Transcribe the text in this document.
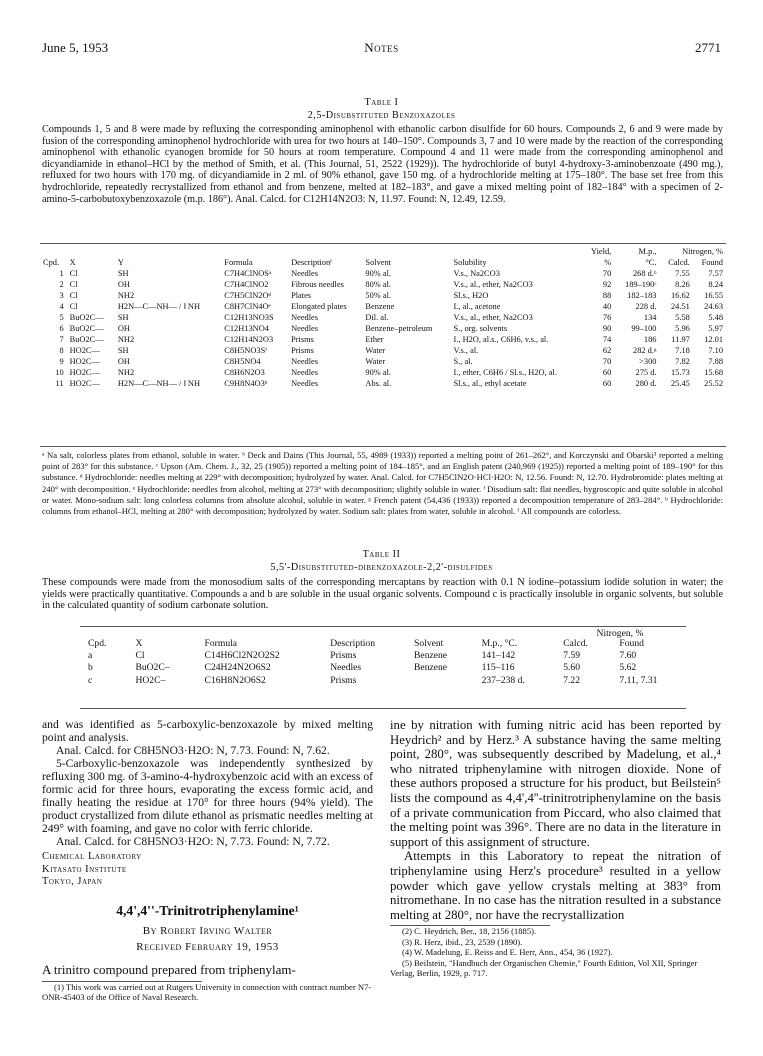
June 5, 1953	Notes	2771
Table I
2,5-Disubstituted Benzoxazoles
Compounds 1, 5 and 8 were made by refluxing the corresponding aminophenol with ethanolic carbon disulfide for 60 hours. Compounds 2, 6 and 9 were made by fusion of the corresponding aminophenol hydrochloride with urea for two hours at 140–150°. Compounds 3, 7 and 10 were made by the reaction of the corresponding aminophenol with ethanolic cyanogen bromide for 50 hours at room temperature. Compound 4 and 11 were made from the corresponding aminophenol and dicyandiamide in ethanol–HCl by the method of Smith, et al. (This Journal, 51, 2522 (1929)). The hydrochloride of butyl 4-hydroxy-3-aminobenzoate (490 mg.), refluxed for two hours with 170 mg. of dicyandiamide in 2 ml. of 90% ethanol, gave 150 mg. of a hydrochloride melting at 175–180°. The base set free from this hydrochloride, repeatedly recrystallized from ethanol and from benzene, melted at 182–183°, and gave a mixed melting point of 182–184° with a specimen of 2-amino-5-carbobutoxybenzoxazole (m.p. 186°). Anal. Calcd. for C12H14N2O3: N, 11.97. Found: N, 12.49, 12.59.
							Yield,	M.p.,	Nitrogen, %	
Cpd.	X	Y	Formula	Descriptionᶠ	Solvent	Solubility	%	°C.	Calcd.	Found
1	Cl	SH	C7H4ClNOSᵃ	Needles	90% al.	V.s., Na2CO3	70	268 d.ᵇ	7.55	7.57
2	Cl	OH	C7H4ClNO2	Fibrous needles	80% al.	V.s., al., ether, Na2CO3	92	189–190ᶜ	8.26	8.24
3	Cl	NH2	C7H5ClN2Oᵈ	Plates	50% al.	Sl.s., H2O	88	182–183	16.62	16.55
4	Cl	H2N—C—NH— / ‖ NH	C8H7ClN4Oᵉ	Elongated plates	Benzene	I., al., acetone	40	228 d.	24.51	24.63
5	BuO2C—	SH	C12H13NO3S	Needles	Dil. al.	V.s., al., ether, Na2CO3	76	134	5.58	5.48
6	BuO2C—	OH	C12H13NO4	Needles	Benzene–petroleum	S., org. solvents	90	99–100	5.96	5.97
7	BuO2C—	NH2	C12H14N2O3	Prisms	Ether	I., H2O, al.s., C6H6, v.s., al.	74	186	11.97	12.01
8	HO2C—	SH	C8H5NO3Sᶠ	Prisms	Water	V.s., al.	62	282 d.ᵍ	7.18	7.10
9	HO2C—	OH	C8H5NO4	Needles	Water	S., al.	70	>300	7.82	7.88
10	HO2C—	NH2	C8H6N2O3	Needles	90% al.	I., ether, C6H6 / Sl.s., H2O, al.	60	275 d.	15.73	15.68
11	HO2C—	H2N—C—NH— / ‖ NH	C9H8N4O3ʰ	Needles	Abs. al.	Sl.s., al., ethyl acetate	60	280 d.	25.45	25.52
ᵃ Na salt, colorless plates from ethanol, soluble in water. ᵇ Deck and Dains (This Journal, 55, 4989 (1933)) reported a melting point of 261–262°, and Korczynski and Obarski³ reported a melting point of 283° for this substance. ᶜ Upson (Am. Chem. J., 32, 25 (1905)) reported a melting point of 184–185°, and an English patent (240,969 (1925)) reported a melting point of 189–190° for this substance. ᵈ Hydrochloride: needles melting at 229° with decomposition; hydrolyzed by water. Anal. Calcd. for C7H5ClN2O·HCl·H2O: N, 12.56. Found: N, 12.70. Hydrobromide: plates melting at 240° with decomposition. ᵉ Hydrochloride: needles from alcohol, melting at 273° with decomposition; slightly soluble in water. ᶠ Disodium salt: flat needles, hygroscopic and quite soluble in alcohol or water. Mono-sodium salt: long colorless columns from absolute alcohol, soluble in water. ᵍ French patent (54,436 (1933)) reported a decomposition temperature of 283–284°. ʰ Hydrochloride: columns from ethanol–HCl, melting at 280° with decomposition; hydrolyzed by water. Sodium salt: plates from water, soluble in alcohol. ᶠ All compounds are colorless.
Table II
5,5'-Disubstituted-dibenzoxazole-2,2'-disulfides
These compounds were made from the monosodium salts of the corresponding mercaptans by reaction with 0.1 N iodine–potassium iodide solution in water; the yields were practically quantitative. Compounds a and b are soluble in the usual organic solvents. Compound c is practically insoluble in organic solvents, but soluble in the calculated quantity of sodium carbonate solution.
Nitrogen, %
Cpd.	X	Formula	Description	Solvent	M.p., °C.	Calcd.	Found
a	Cl	C14H6Cl2N2O2S2	Prisms	Benzene	141–142	7.59	7.60
b	BuO2C–	C24H24N2O6S2	Needles	Benzene	115–116	5.60	5.62
c	HO2C–	C16H8N2O6S2	Prisms		237–238 d.	7.22	7.11, 7.31
and was identified as 5-carboxylic-benzoxazole by mixed melting point and analysis.
Anal. Calcd. for C8H5NO3·H2O: N, 7.73. Found: N, 7.62.
5-Carboxylic-benzoxazole was independently synthesized by refluxing 300 mg. of 3-amino-4-hydroxybenzoic acid with an excess of formic acid for three hours, evaporating the excess formic acid, and finally heating the residue at 170° for three hours (94% yield). The product crystallized from dilute ethanol as prismatic needles melting at 249° with foaming, and gave no color with ferric chloride.
Anal. Calcd. for C8H5NO3·H2O: N, 7.73. Found: N, 7.72.
Chemical Laboratory
Kitasato Institute
Tokyo, Japan
4,4',4''-Trinitrotriphenylamine¹
By Robert Irving Walter
Received February 19, 1953
A trinitro compound prepared from triphenylam-
(1) This work was carried out at Rutgers University in connection with contract number N7-ONR-45403 of the Office of Naval Research.
ine by nitration with fuming nitric acid has been reported by Heydrich² and by Herz.³ A substance having the same melting point, 280°, was subsequently described by Madelung, et al.,⁴ who nitrated triphenylamine with nitrogen dioxide. None of these authors proposed a structure for his product, but Beilstein⁵ lists the compound as 4,4',4''-trinitrotriphenylamine on the basis of a private communication from Piccard, who also claimed that the melting point was 396°. There are no data in the literature in support of this assignment of structure.
Attempts in this Laboratory to repeat the nitration of triphenylamine using Herz's procedure³ resulted in a yellow powder which gave yellow crystals melting at 383° from nitromethane. In no case has the nitration resulted in a substance melting at 280°, nor have the recrystallization
(2) C. Heydrich, Ber., 18, 2156 (1885).
(3) R. Herz, ibid., 23, 2539 (1890).
(4) W. Madelung, E. Reiss and E. Herr, Ann., 454, 36 (1927).
(5) Beilstein, "Handbuch der Organischen Chemie," Fourth Edition, Vol XII, Springer Verlag, Berlin, 1929, p. 717.
